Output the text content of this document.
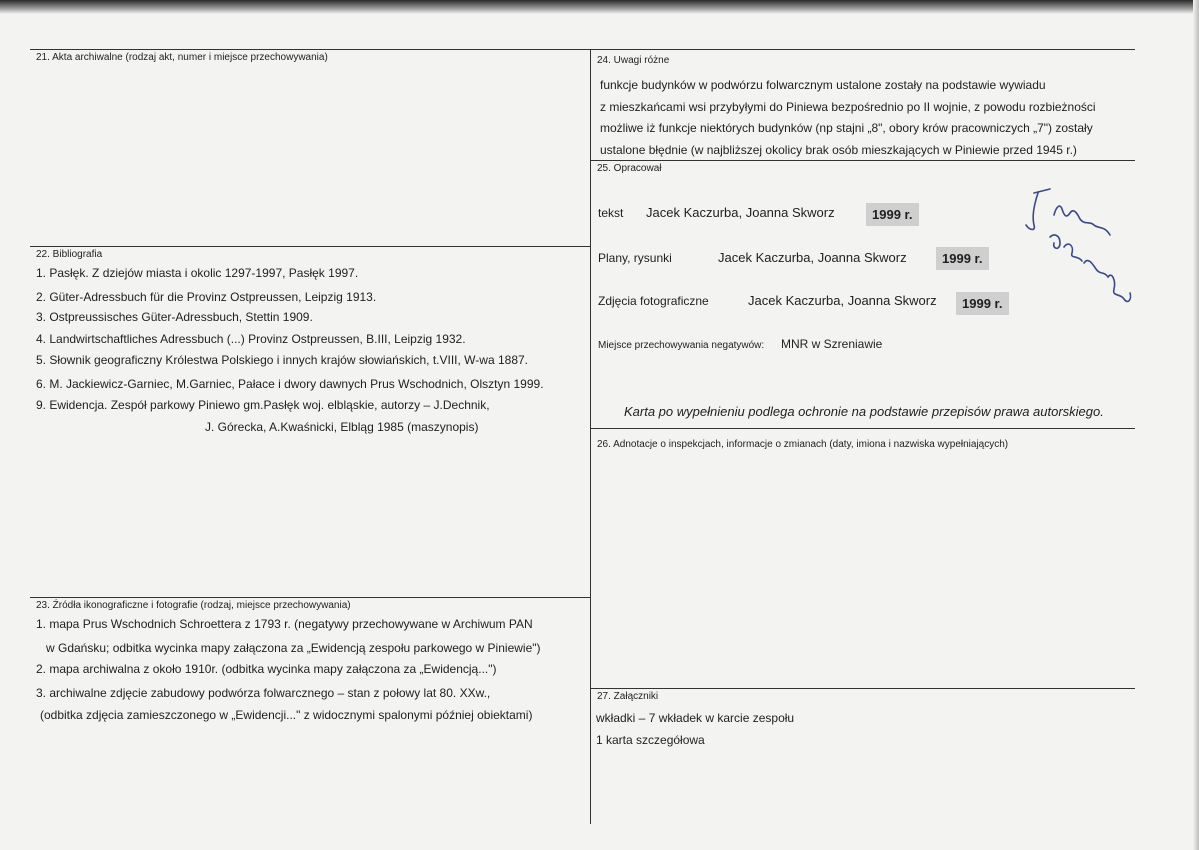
21. Akta archiwalne (rodzaj akt, numer i miejsce przechowywania)
22. Bibliografia
1. Pasłęk. Z dziejów miasta i okolic 1297-1997, Pasłęk 1997.
2. Güter-Adressbuch für die Provinz Ostpreussen, Leipzig 1913.
3. Ostpreussisches Güter-Adressbuch, Stettin 1909.
4. Landwirtschaftliches Adressbuch (...) Provinz Ostpreussen, B.III, Leipzig 1932.
5. Słownik geograficzny Królestwa Polskiego i innych krajów słowiańskich, t.VIII, W-wa 1887.
6. M. Jackiewicz-Garniec, M.Garniec, Pałace i dwory dawnych Prus Wschodnich, Olsztyn 1999.
9. Ewidencja. Zespół parkowy Piniewo gm.Pasłęk woj. elbląskie, autorzy – J.Dechnik,
J. Górecka, A.Kwaśnicki, Elbląg 1985 (maszynopis)
23. Źródła ikonograficzne i fotografie (rodzaj, miejsce przechowywania)
1. mapa Prus Wschodnich Schroettera z 1793 r. (negatywy przechowywane w Archiwum PAN
w Gdańsku; odbitka wycinka mapy załączona za „Ewidencją zespołu parkowego w Piniewie")
2. mapa archiwalna z około 1910r. (odbitka wycinka mapy załączona za „Ewidencją...")
3. archiwalne zdjęcie zabudowy podwórza folwarcznego – stan z połowy lat 80. XXw.,
(odbitka zdjęcia zamieszczonego w „Ewidencji..." z widocznymi spalonymi później obiektami)
24. Uwagi różne
funkcje budynków w podwórzu folwarcznym ustalone zostały na podstawie wywiadu
z mieszkańcami wsi przybyłymi do Piniewa bezpośrednio po II wojnie, z powodu rozbieżności
możliwe iż funkcje niektórych budynków (np stajni „8", obory krów pracowniczych „7") zostały
ustalone błędnie (w najbliższej okolicy brak osób mieszkających w Piniewie przed 1945 r.)
25. Opracował
tekst Jacek Kaczurba, Joanna Skworz	1999 r.
Plany, rysunki	Jacek Kaczurba, Joanna Skworz	1999 r.
Zdjęcia fotograficzne	Jacek Kaczurba, Joanna Skworz	1999 r.
Miejsce przechowywania negatywów: MNR w Szreniawie
Karta po wypełnieniu podlega ochronie na podstawie przepisów prawa autorskiego.
26. Adnotacje o inspekcjach, informacje o zmianach (daty, imiona i nazwiska wypełniających)
27. Załączniki
wkładki – 7 wkładek w karcie zespołu
1 karta szczegółowa
